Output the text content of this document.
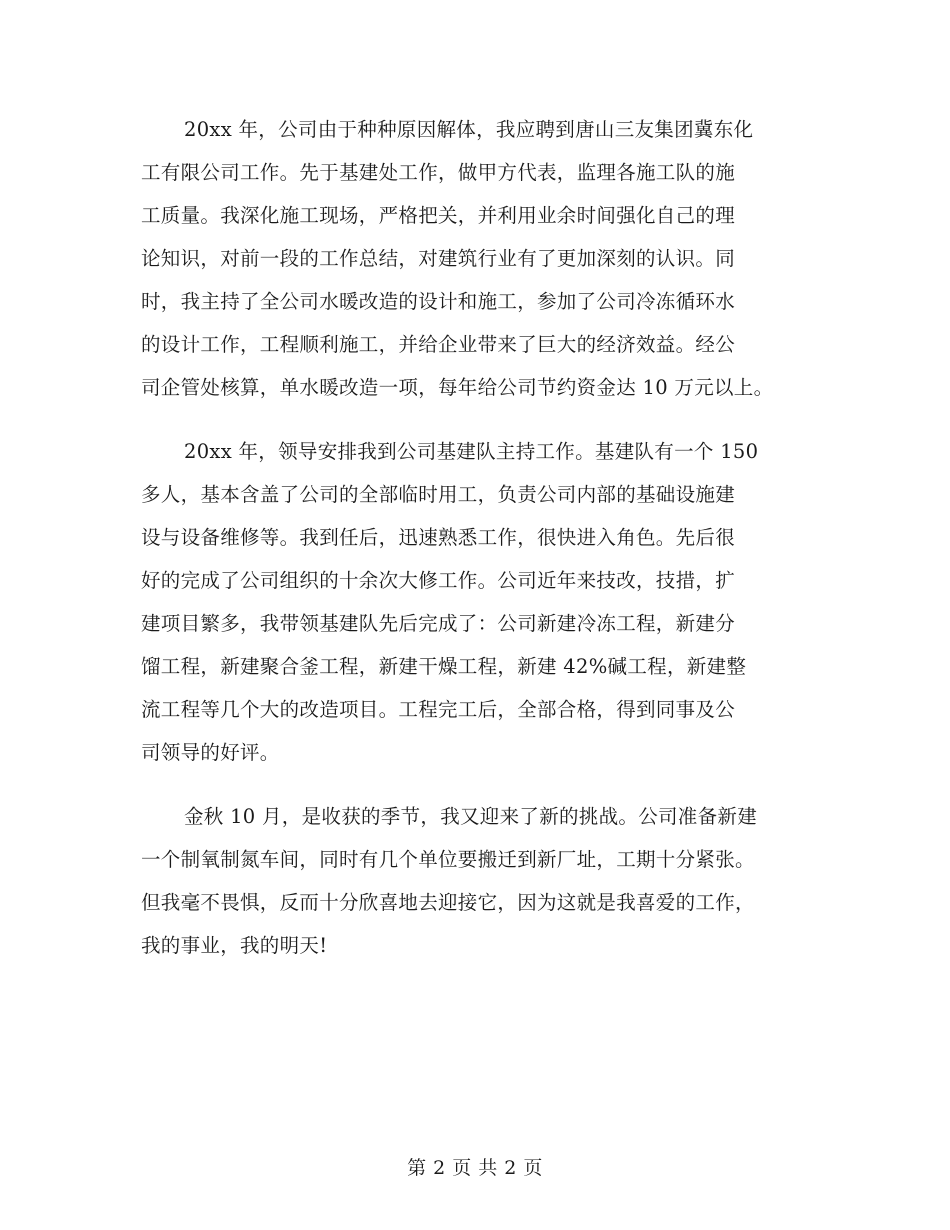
20xx 年，公司由于种种原因解体，我应聘到唐山三友集团冀东化
工有限公司工作。先于基建处工作，做甲方代表，监理各施工队的施
工质量。我深化施工现场，严格把关，并利用业余时间强化自己的理
论知识，对前一段的工作总结，对建筑行业有了更加深刻的认识。同
时，我主持了全公司水暖改造的设计和施工，参加了公司冷冻循环水
的设计工作，工程顺利施工，并给企业带来了巨大的经济效益。经公
司企管处核算，单水暖改造一项，每年给公司节约资金达 10 万元以上。
20xx 年，领导安排我到公司基建队主持工作。基建队有一个 150
多人，基本含盖了公司的全部临时用工，负责公司内部的基础设施建
设与设备维修等。我到任后，迅速熟悉工作，很快进入角色。先后很
好的完成了公司组织的十余次大修工作。公司近年来技改，技措，扩
建项目繁多，我带领基建队先后完成了：公司新建冷冻工程，新建分
馏工程，新建聚合釜工程，新建干燥工程，新建 42%碱工程，新建整
流工程等几个大的改造项目。工程完工后，全部合格，得到同事及公
司领导的好评。
金秋 10 月，是收获的季节，我又迎来了新的挑战。公司准备新建
一个制氧制氮车间，同时有几个单位要搬迁到新厂址，工期十分紧张。
但我毫不畏惧，反而十分欣喜地去迎接它，因为这就是我喜爱的工作，
我的事业，我的明天!
第 2 页 共 2 页
